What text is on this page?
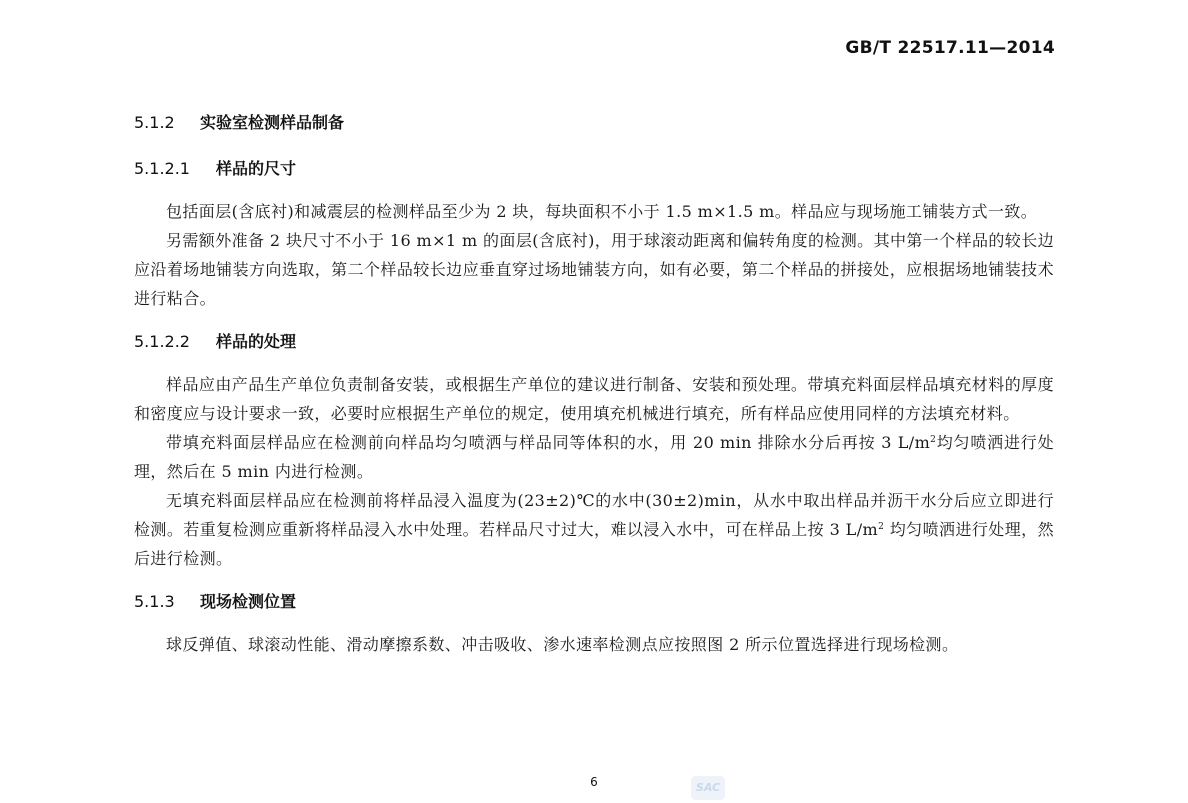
GB/T 22517.11—2014
5.1.2 实验室检测样品制备
5.1.2.1 样品的尺寸

包括面层(含底衬)和减震层的检测样品至少为 2 块，每块面积不小于 1.5 m×1.5 m。样品应与现场施工铺装方式一致。

另需额外准备 2 块尺寸不小于 16 m×1 m 的面层(含底衬)，用于球滚动距离和偏转角度的检测。其中第一个样品的较长边应沿着场地铺装方向选取，第二个样品较长边应垂直穿过场地铺装方向，如有必要，第二个样品的拼接处，应根据场地铺装技术进行粘合。

5.1.2.2 样品的处理

样品应由产品生产单位负责制备安装，或根据生产单位的建议进行制备、安装和预处理。带填充料面层样品填充材料的厚度和密度应与设计要求一致，必要时应根据生产单位的规定，使用填充机械进行填充，所有样品应使用同样的方法填充材料。

带填充料面层样品应在检测前向样品均匀喷洒与样品同等体积的水，用 20 min 排除水分后再按 3 $L/m^2$均匀喷洒进行处理，然后在 5 min 内进行检测。

无填充料面层样品应在检测前将样品浸入温度为(23±2)℃的水中(30±2)min，从水中取出样品并沥干水分后应立即进行检测。若重复检测应重新将样品浸入水中处理。若样品尺寸过大，难以浸入水中，可在样品上按 3 $L/m^2$ 均匀喷洒进行处理，然后进行检测。

5.1.3 现场检测位置

球反弹值、球滚动性能、滑动摩擦系数、冲击吸收、渗水速率检测点应按照图 2 所示位置选择进行现场检测。

6	SAC
